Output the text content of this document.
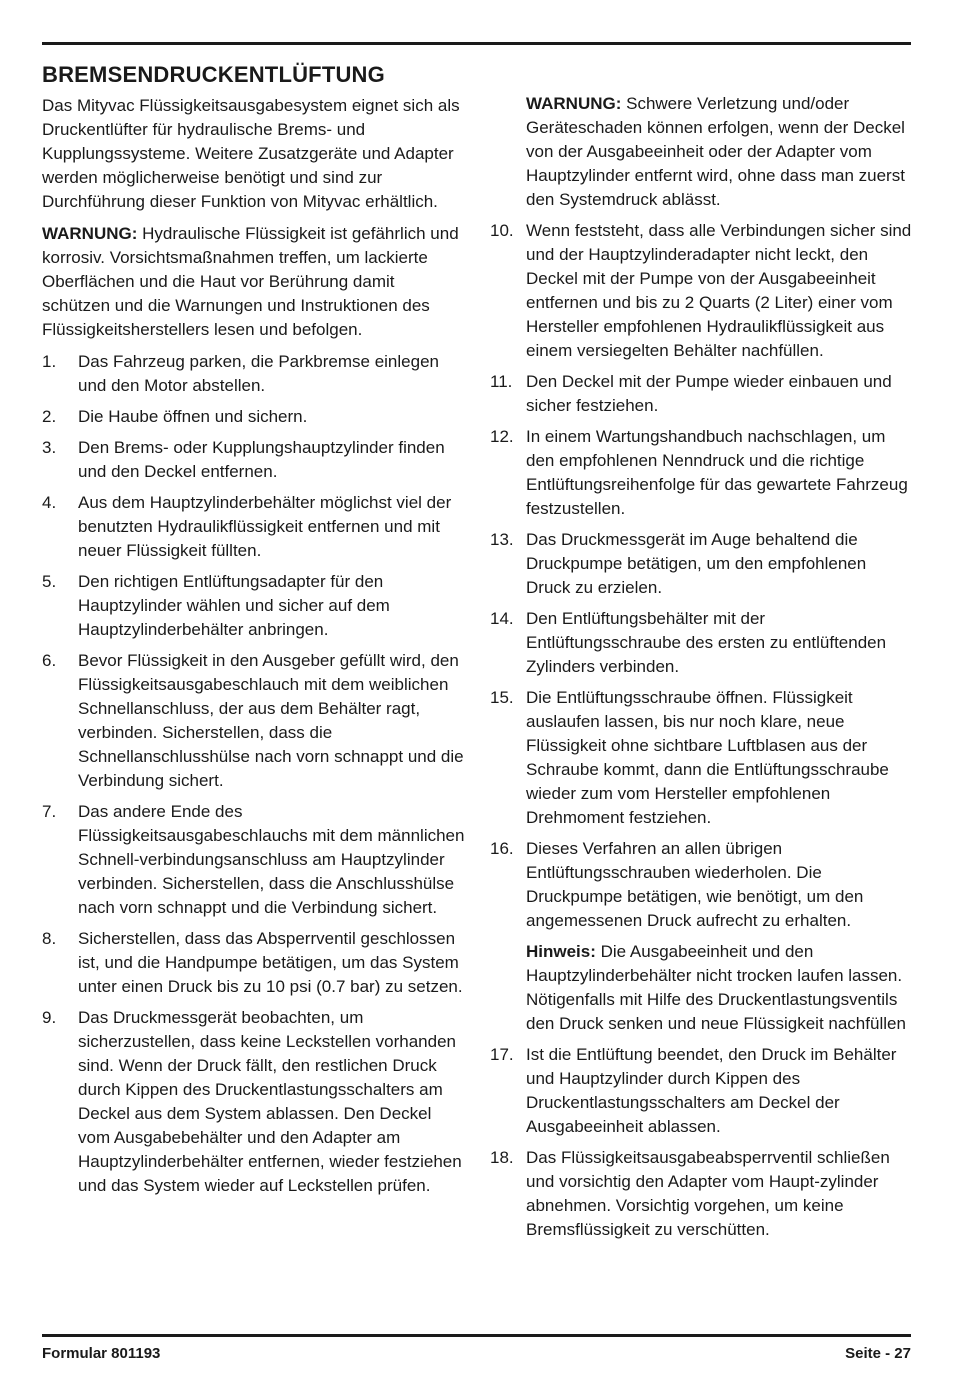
BREMSENDRUCKENTLÜFTUNG

Das Mityvac Flüssigkeitsausgabesystem eignet sich als Druckentlüfter für hydraulische Brems- und Kupplungssysteme. Weitere Zusatzgeräte und Adapter werden möglicherweise benötigt und sind zur Durchführung dieser Funktion von Mityvac erhältlich.

WARNUNG: Hydraulische Flüssigkeit ist gefährlich und korrosiv. Vorsichtsmaßnahmen treffen, um lackierte Oberflächen und die Haut vor Berührung damit schützen und die Warnungen und Instruktionen des Flüssigkeitsherstellers lesen und befolgen.

1. Das Fahrzeug parken, die Parkbremse einlegen und den Motor abstellen.
2. Die Haube öffnen und sichern.
3. Den Brems- oder Kupplungshauptzylinder finden und den Deckel entfernen.
4. Aus dem Hauptzylinderbehälter möglichst viel der benutzten Hydraulikflüssigkeit entfernen und mit neuer Flüssigkeit füllten.
5. Den richtigen Entlüftungsadapter für den Hauptzylinder wählen und sicher auf dem Hauptzylinderbehälter anbringen.
6. Bevor Flüssigkeit in den Ausgeber gefüllt wird, den Flüssigkeitsausgabeschlauch mit dem weiblichen Schnellanschluss, der aus dem Behälter ragt, verbinden. Sicherstellen, dass die Schnellanschlusshülse nach vorn schnappt und die Verbindung sichert.
7. Das andere Ende des Flüssigkeitsausgabeschlauchs mit dem männlichen Schnell-verbindungsanschluss am Hauptzylinder verbinden. Sicherstellen, dass die Anschlusshülse nach vorn schnappt und die Verbindung sichert.
8. Sicherstellen, dass das Absperrventil geschlossen ist, und die Handpumpe betätigen, um das System unter einen Druck bis zu 10 psi (0.7 bar) zu setzen.
9. Das Druckmessgerät beobachten, um sicherzustellen, dass keine Leckstellen vorhanden sind. Wenn der Druck fällt, den restlichen Druck durch Kippen des Druckentlastungsschalters am Deckel aus dem System ablassen. Den Deckel vom Ausgabebehälter und den Adapter am Hauptzylinderbehälter entfernen, wieder festziehen und das System wieder auf Leckstellen prüfen.

WARNUNG: Schwere Verletzung und/oder Geräteschaden können erfolgen, wenn der Deckel von der Ausgabeeinheit oder der Adapter vom Hauptzylinder entfernt wird, ohne dass man zuerst den Systemdruck ablässt.

10. Wenn feststeht, dass alle Verbindungen sicher sind und der Hauptzylinderadapter nicht leckt, den Deckel mit der Pumpe von der Ausgabeeinheit entfernen und bis zu 2 Quarts (2 Liter) einer vom Hersteller empfohlenen Hydraulikflüssigkeit aus einem versiegelten Behälter nachfüllen.
11. Den Deckel mit der Pumpe wieder einbauen und sicher festziehen.
12. In einem Wartungshandbuch nachschlagen, um den empfohlenen Nenndruck und die richtige Entlüftungsreihenfolge für das gewartete Fahrzeug festzustellen.
13. Das Druckmessgerät im Auge behaltend die Druckpumpe betätigen, um den empfohlenen Druck zu erzielen.
14. Den Entlüftungsbehälter mit der Entlüftungsschraube des ersten zu entlüftenden Zylinders verbinden.
15. Die Entlüftungsschraube öffnen. Flüssigkeit auslaufen lassen, bis nur noch klare, neue Flüssigkeit ohne sichtbare Luftblasen aus der Schraube kommt, dann die Entlüftungsschraube wieder zum vom Hersteller empfohlenen Drehmoment festziehen.
16. Dieses Verfahren an allen übrigen Entlüftungsschrauben wiederholen. Die Druckpumpe betätigen, wie benötigt, um den angemessenen Druck aufrecht zu erhalten.

Hinweis: Die Ausgabeeinheit und den Hauptzylinderbehälter nicht trocken laufen lassen. Nötigenfalls mit Hilfe des Druckentlastungsventils den Druck senken und neue Flüssigkeit nachfüllen

17. Ist die Entlüftung beendet, den Druck im Behälter und Hauptzylinder durch Kippen des Druckentlastungsschalters am Deckel der Ausgabeeinheit ablassen.
18. Das Flüssigkeitsausgabeabsperrventil schließen und vorsichtig den Adapter vom Haupt-zylinder abnehmen. Vorsichtig vorgehen, um keine Bremsflüssigkeit zu verschütten.
Formular 801193	Seite - 27
